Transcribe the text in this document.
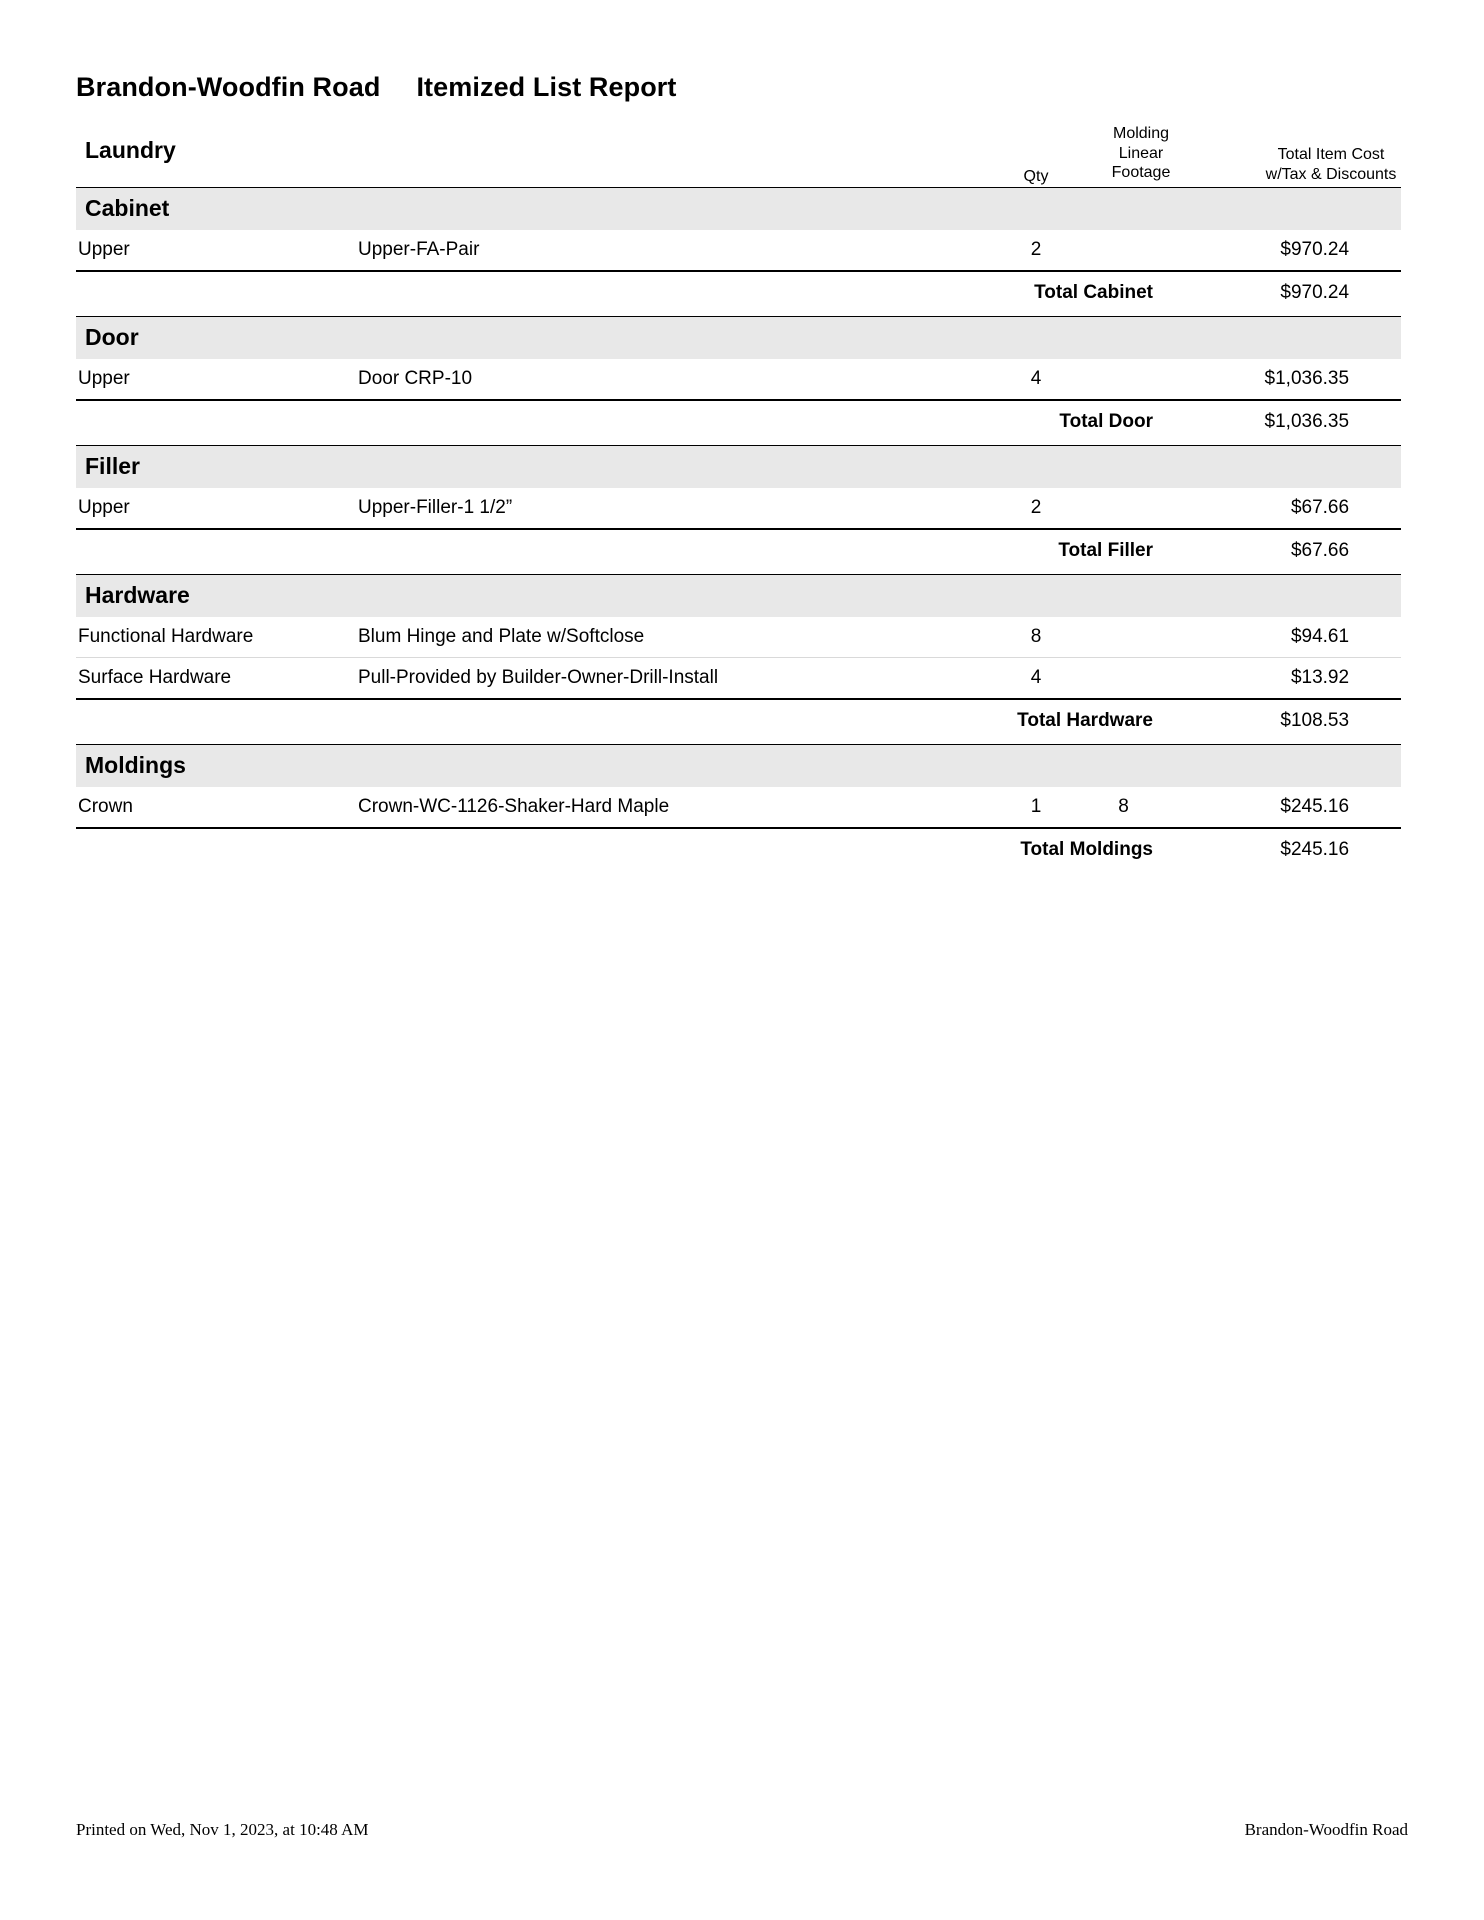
Brandon-Woodfin Road Itemized List Report
Laundry
Qty
Molding
Linear
Footage
Total Item Cost
w/Tax & Discounts
Cabinet				
Upper	Upper-FA-Pair	2		$970.24
Total Cabinet				$970.24
Door				
Upper	Door CRP-10	4		$1,036.35
Total Door				$1,036.35
Filler				
Upper	Upper-Filler-1 1/2”	2		$67.66
Total Filler				$67.66
Hardware				
Functional Hardware	Blum Hinge and Plate w/Softclose	8		$94.61
Surface Hardware	Pull-Provided by Builder-Owner-Drill-Install	4		$13.92
Total Hardware				$108.53
Moldings				
Crown	Crown-WC-1126-Shaker-Hard Maple	1	8	$245.16
Total Moldings				$245.16
Printed on Wed, Nov 1, 2023, at 10:48 AM	Brandon-Woodfin Road
